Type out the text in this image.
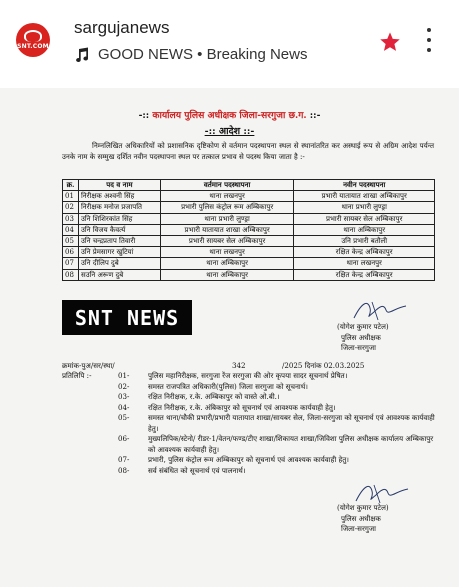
SNT.COM
sargujanews
GOOD NEWS • Breaking News
-:: कार्यालय पुलिस अधीक्षक जिला-सरगुजा छ.ग. ::-
-:: आदेश ::-
निम्नलिखित अधिकारियों को प्रशासनिक दृष्टिकोण से वर्तमान पदस्थापना स्थल से स्थानांतरित कर अस्थाई रूप से अग्रिम आदेश पर्यन्त उनके नाम के सम्मुख दर्शित नवीन पदस्थापना स्थल पर तत्काल प्रभाव से पदस्थ किया जाता है :-
क्र.	पद व नाम	वर्तमान पदस्थापना	नवीन पदस्थापना
01	निरीक्षक अश्वनी सिंह	थाना लखनपुर	प्रभारी यातायात शाखा अम्बिकापुर
02	निरीक्षक मनोज प्रजापति	प्रभारी पुलिस कंट्रोल रूम अम्बिकापुर	थाना प्रभारी लुण्ड्रा
03	उनि शिशिरकांत सिंह	थाना प्रभारी लुण्ड्रा	प्रभारी सायबर सेल अम्बिकापुर
04	उनि विजय कैवर्त्य	प्रभारी यातायात शाखा अम्बिकापुर	थाना अम्बिकापुर
05	उनि चन्द्रप्रताप तिवारी	प्रभारी सायबर सेल अम्बिकापुर	उनि प्रभारी बतौली
06	उनि प्रेमसागर खुटियां	थाना लखनपुर	रक्षित केन्द्र अम्बिकापुर
07	उनि दीलिप दुबे	थाना अम्बिकापुर	थाना लखनपुर
08	सउनि अरूण दुबे	थाना अम्बिकापुर	रक्षित केन्द्र अम्बिकापुर
SNT NEWS	(योगेश कुमार पटेल)
पुलिस अधीक्षक
जिला-सरगुजा
क्रमांक-पुअ/सर/स्था/	342	/2025 दिनांक 02.03.2025
प्रतिलिपि :-	01-	पुलिस महानिरीक्षक, सरगुजा रेंज सरगुजा की ओर कृपया सादर सूचनार्थ प्रेषित।
02-	समस्त राजपत्रित अधिकारी(पुलिस) जिला सरगुजा को सूचनार्थ।
03-	रक्षित निरीक्षक, र.के. अम्बिकापुर को वास्ते ओ.बी.।
04-	रक्षित निरीक्षक, र.के. अंबिकापुर को सूचनार्थ एवं आवश्यक कार्यवाही हेतु।
05-	समस्त थाना/चौकी प्रभारी/प्रभारी यातायात शाखा/सायबर सेल, जिला-सरगुजा को सूचनार्थ एवं आवश्यक कार्यवाही हेतु।
06-	मुख्यलिपिक/स्टेनो/ रीडर-1/वेतन/फण्ड/टीए शाखा/शिकायत शाखा/जिविशा पुलिस अधीक्षक कार्यालय अम्बिकापुर को आवश्यक कार्यवाही हेतु।
07-	प्रभारी, पुलिस कंट्रोल रूम अम्बिकापुर को सूचनार्थ एवं आवश्यक कार्यवाही हेतु।
08-	सर्व संबंधित को सूचनार्थ एवं पालनार्थ।
(योगेश कुमार पटेल)
पुलिस अधीक्षक
जिला-सरगुजा
